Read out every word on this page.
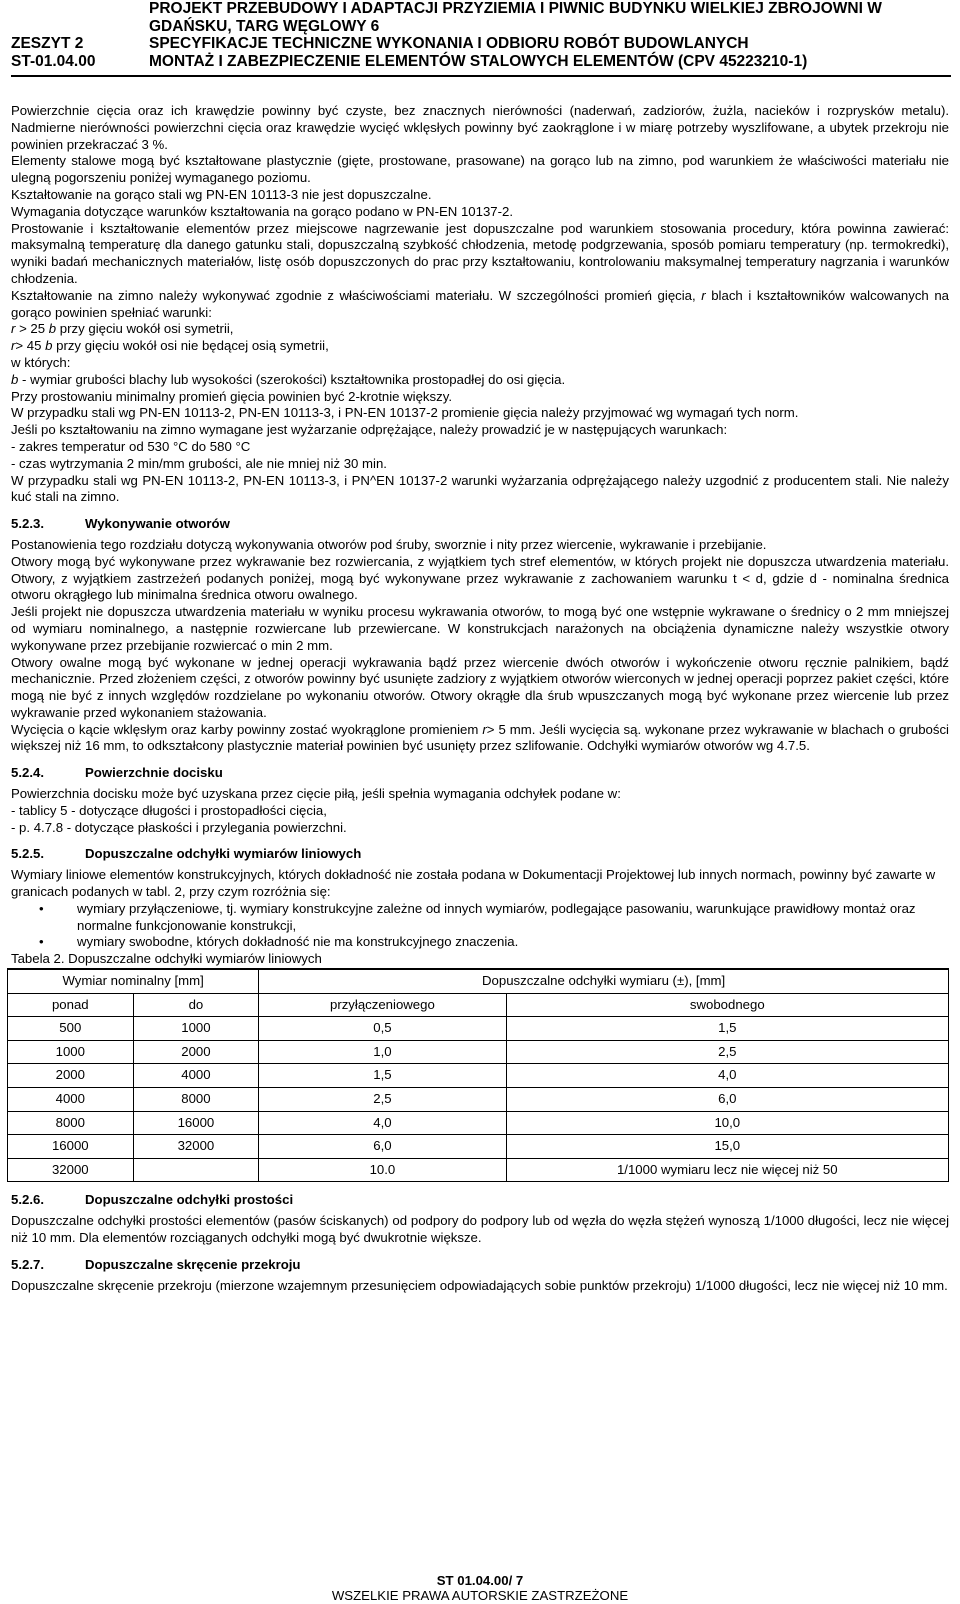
PROJEKT PRZEBUDOWY I ADAPTACJI PRZYZIEMIA I PIWNIC BUDYNKU WIELKIEJ ZBROJOWNI W
GDAŃSKU, TARG WĘGLOWY 6
ZESZYT 2	SPECYFIKACJE TECHNICZNE WYKONANIA I ODBIORU ROBÓT BUDOWLANYCH
ST-01.04.00	MONTAŻ I ZABEZPIECZENIE ELEMENTÓW STALOWYCH ELEMENTÓW (CPV 45223210-1)

Powierzchnie cięcia oraz ich krawędzie powinny być czyste, bez znacznych nierówności (naderwań, zadziorów, żużla, nacieków i rozprysków metalu). Nadmierne nierówności powierzchni cięcia oraz krawędzie wycięć wklęsłych powinny być zaokrąglone i w miarę potrzeby wyszlifowane, a ubytek przekroju nie powinien przekraczać 3 %.

Elementy stalowe mogą być kształtowane plastycznie (gięte, prostowane, prasowane) na gorąco lub na zimno, pod warunkiem że właściwości materiału nie ulegną pogorszeniu poniżej wymaganego poziomu.

Kształtowanie na gorąco stali wg PN-EN 10113-3 nie jest dopuszczalne.

Wymagania dotyczące warunków kształtowania na gorąco podano w PN-EN 10137-2.

Prostowanie i kształtowanie elementów przez miejscowe nagrzewanie jest dopuszczalne pod warunkiem stosowania procedury, która powinna zawierać: maksymalną temperaturę dla danego gatunku stali, dopuszczalną szybkość chłodzenia, metodę podgrzewania, sposób pomiaru temperatury (np. termokredki), wyniki badań mechanicznych materiałów, listę osób dopuszczonych do prac przy kształtowaniu, kontrolowaniu maksymalnej temperatury nagrzania i warunków chłodzenia.

Kształtowanie na zimno należy wykonywać zgodnie z właściwościami materiału. W szczególności promień gięcia, r blach i kształtowników walcowanych na gorąco powinien spełniać warunki:

r > 25 b przy gięciu wokół osi symetrii,

r> 45 b przy gięciu wokół osi nie będącej osią symetrii,

w których:

b - wymiar grubości blachy lub wysokości (szerokości) kształtownika prostopadłej do osi gięcia.

Przy prostowaniu minimalny promień gięcia powinien być 2-krotnie większy.

W przypadku stali wg PN-EN 10113-2, PN-EN 10113-3, i PN-EN 10137-2 promienie gięcia należy przyjmować wg wymagań tych norm.

Jeśli po kształtowaniu na zimno wymagane jest wyżarzanie odprężające, należy prowadzić je w następujących warunkach:

- zakres temperatur od 530 °C do 580 °C

- czas wytrzymania 2 min/mm grubości, ale nie mniej niż 30 min.

W przypadku stali wg PN-EN 10113-2, PN-EN 10113-3, i PN^EN 10137-2 warunki wyżarzania odprężającego należy uzgodnić z producentem stali. Nie należy kuć stali na zimno.

5.2.3.	Wykonywanie otworów

Postanowienia tego rozdziału dotyczą wykonywania otworów pod śruby, sworznie i nity przez wiercenie, wykrawanie i przebijanie.

Otwory mogą być wykonywane przez wykrawanie bez rozwiercania, z wyjątkiem tych stref elementów, w których projekt nie dopuszcza utwardzenia materiału. Otwory, z wyjątkiem zastrzeżeń podanych poniżej, mogą być wykonywane przez wykrawanie z zachowaniem warunku t < d, gdzie d - nominalna średnica otworu okrągłego lub minimalna średnica otworu owalnego.

Jeśli projekt nie dopuszcza utwardzenia materiału w wyniku procesu wykrawania otworów, to mogą być one wstępnie wykrawane o średnicy o 2 mm mniejszej od wymiaru nominalnego, a następnie rozwiercane lub przewiercane. W konstrukcjach narażonych na obciążenia dynamiczne należy wszystkie otwory wykonywane przez przebijanie rozwiercać o min 2 mm.

Otwory owalne mogą być wykonane w jednej operacji wykrawania bądź przez wiercenie dwóch otworów i wykończenie otworu ręcznie palnikiem, bądź mechanicznie. Przed złożeniem części, z otworów powinny być usunięte zadziory z wyjątkiem otworów wierconych w jednej operacji poprzez pakiet części, które mogą nie być z innych względów rozdzielane po wykonaniu otworów. Otwory okrągłe dla śrub wpuszczanych mogą być wykonane przez wiercenie lub przez wykrawanie przed wykonaniem stażowania.

Wycięcia o kącie wklęsłym oraz karby powinny zostać wyokrąglone promieniem r> 5 mm. Jeśli wycięcia są. wykonane przez wykrawanie w blachach o grubości większej niż 16 mm, to odkształcony plastycznie materiał powinien być usunięty przez szlifowanie. Odchyłki wymiarów otworów wg 4.7.5.

5.2.4.	Powierzchnie docisku

Powierzchnia docisku może być uzyskana przez cięcie piłą, jeśli spełnia wymagania odchyłek podane w:

- tablicy 5 - dotyczące długości i prostopadłości cięcia,

- p. 4.7.8 - dotyczące płaskości i przylegania powierzchni.

5.2.5.	Dopuszczalne odchyłki wymiarów liniowych

Wymiary liniowe elementów konstrukcyjnych, których dokładność nie została podana w Dokumentacji Projektowej lub innych normach, powinny być zawarte w granicach podanych w tabl. 2, przy czym rozróżnia się:

• wymiary przyłączeniowe, tj. wymiary konstrukcyjne zależne od innych wymiarów, podlegające pasowaniu, warunkujące prawidłowy montaż oraz normalne funkcjonowanie konstrukcji,
• wymiary swobodne, których dokładność nie ma konstrukcyjnego znaczenia.

Tabela 2. Dopuszczalne odchyłki wymiarów liniowych

Wymiar nominalny [mm]		Dopuszczalne odchyłki wymiaru (±), [mm]	
ponad	do	przyłączeniowego	swobodnego
500	1000	0,5	1,5
1000	2000	1,0	2,5
2000	4000	1,5	4,0
4000	8000	2,5	6,0
8000	16000	4,0	10,0
16000	32000	6,0	15,0
32000		10.0	1/1000 wymiaru lecz nie więcej niż 50
5.2.6.	Dopuszczalne odchyłki prostości

Dopuszczalne odchyłki prostości elementów (pasów ściskanych) od podpory do podpory lub od węzła do węzła stężeń wynoszą 1/1000 długości, lecz nie więcej niż 10 mm. Dla elementów rozciąganych odchyłki mogą być dwukrotnie większe.

5.2.7.	Dopuszczalne skręcenie przekroju

Dopuszczalne skręcenie przekroju (mierzone wzajemnym przesunięciem odpowiadających sobie punktów przekroju) 1/1000 długości, lecz nie więcej niż 10 mm.

ST 01.04.00/ 7
WSZELKIE PRAWA AUTORSKIE ZASTRZEŻONE
